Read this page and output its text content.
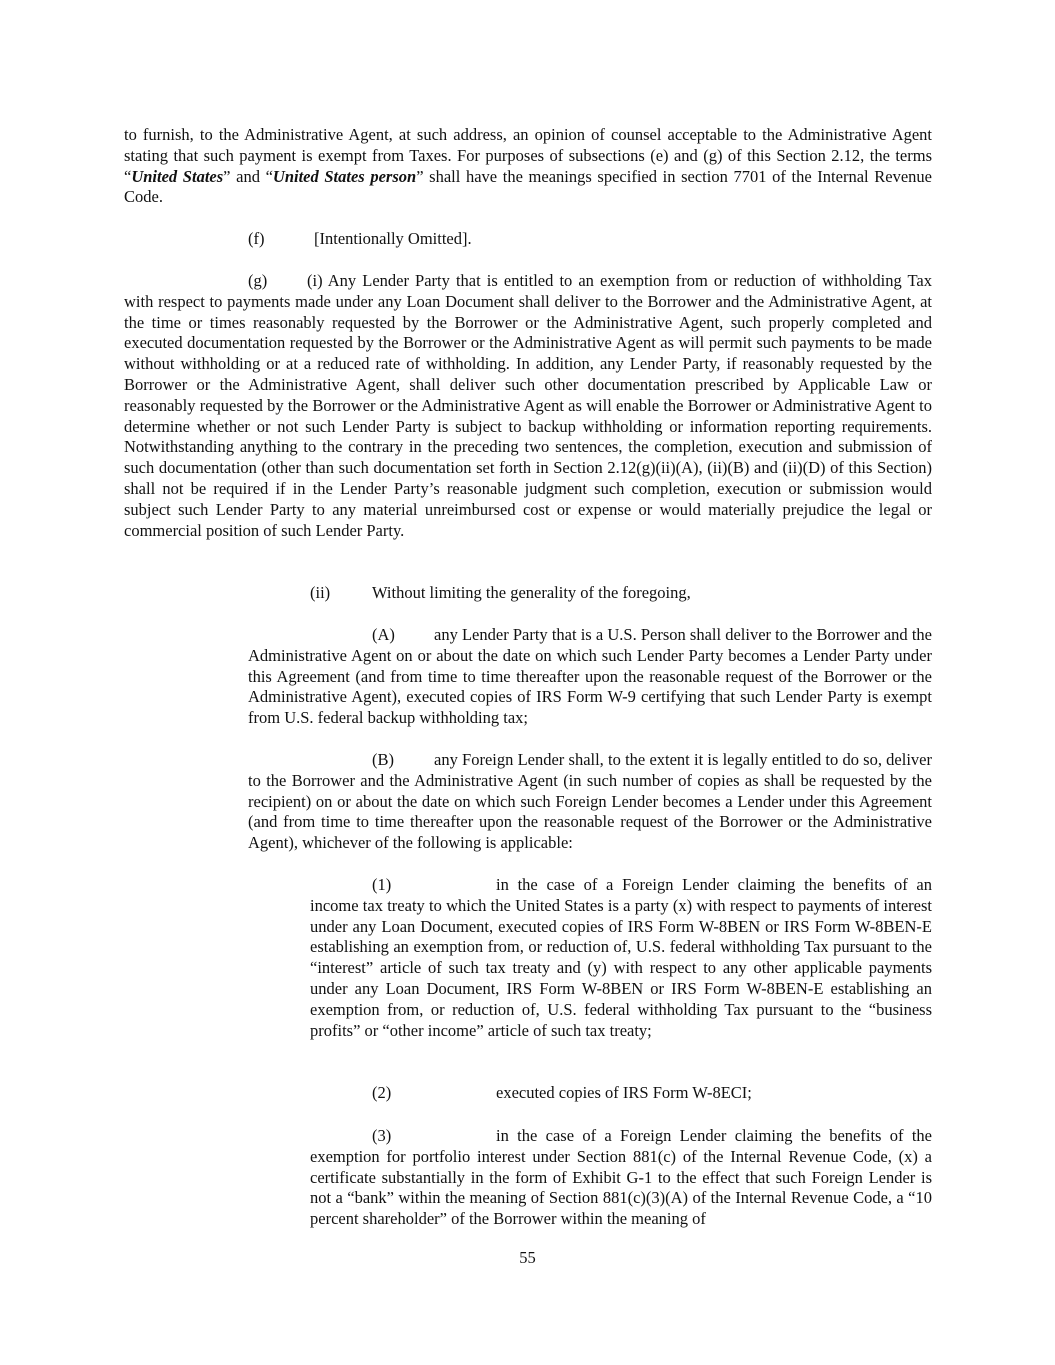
to furnish, to the Administrative Agent, at such address, an opinion of counsel acceptable to the Administrative Agent stating that such payment is exempt from Taxes. For purposes of subsections (e) and (g) of this Section 2.12, the terms “United States” and “United States person” shall have the meanings specified in section 7701 of the Internal Revenue Code.

(f)	[Intentionally Omitted].

(g) (i) Any Lender Party that is entitled to an exemption from or reduction of withholding Tax with respect to payments made under any Loan Document shall deliver to the Borrower and the Administrative Agent, at the time or times reasonably requested by the Borrower or the Administrative Agent, such properly completed and executed documentation requested by the Borrower or the Administrative Agent as will permit such payments to be made without withholding or at a reduced rate of withholding. In addition, any Lender Party, if reasonably requested by the Borrower or the Administrative Agent, shall deliver such other documentation prescribed by Applicable Law or reasonably requested by the Borrower or the Administrative Agent as will enable the Borrower or Administrative Agent to determine whether or not such Lender Party is subject to backup withholding or information reporting requirements. Notwithstanding anything to the contrary in the preceding two sentences, the completion, execution and submission of such documentation (other than such documentation set forth in Section 2.12(g)(ii)(A), (ii)(B) and (ii)(D) of this Section) shall not be required if in the Lender Party’s reasonable judgment such completion, execution or submission would subject such Lender Party to any material unreimbursed cost or expense or would materially prejudice the legal or commercial position of such Lender Party.

(ii)	Without limiting the generality of the foregoing,

(A) any Lender Party that is a U.S. Person shall deliver to the Borrower and the Administrative Agent on or about the date on which such Lender Party becomes a Lender Party under this Agreement (and from time to time thereafter upon the reasonable request of the Borrower or the Administrative Agent), executed copies of IRS Form W-9 certifying that such Lender Party is exempt from U.S. federal backup withholding tax;

(B) any Foreign Lender shall, to the extent it is legally entitled to do so, deliver to the Borrower and the Administrative Agent (in such number of copies as shall be requested by the recipient) on or about the date on which such Foreign Lender becomes a Lender under this Agreement (and from time to time thereafter upon the reasonable request of the Borrower or the Administrative Agent), whichever of the following is applicable:

(1)	in the case of a Foreign Lender claiming the benefits of an income tax treaty to which the United States is a party (x) with respect to payments of interest under any Loan Document, executed copies of IRS Form W-8BEN or IRS Form W-8BEN-E establishing an exemption from, or reduction of, U.S. federal withholding Tax pursuant to the “interest” article of such tax treaty and (y) with respect to any other applicable payments under any Loan Document, IRS Form W-8BEN or IRS Form W-8BEN-E establishing an exemption from, or reduction of, U.S. federal withholding Tax pursuant to the “business profits” or “other income” article of such tax treaty;

(2)	executed copies of IRS Form W-8ECI;

(3)	in the case of a Foreign Lender claiming the benefits of the exemption for portfolio interest under Section 881(c) of the Internal Revenue Code, (x) a certificate substantially in the form of Exhibit G-1 to the effect that such Foreign Lender is not a “bank” within the meaning of Section 881(c)(3)(A) of the Internal Revenue Code, a “10 percent shareholder” of the Borrower within the meaning of

55
